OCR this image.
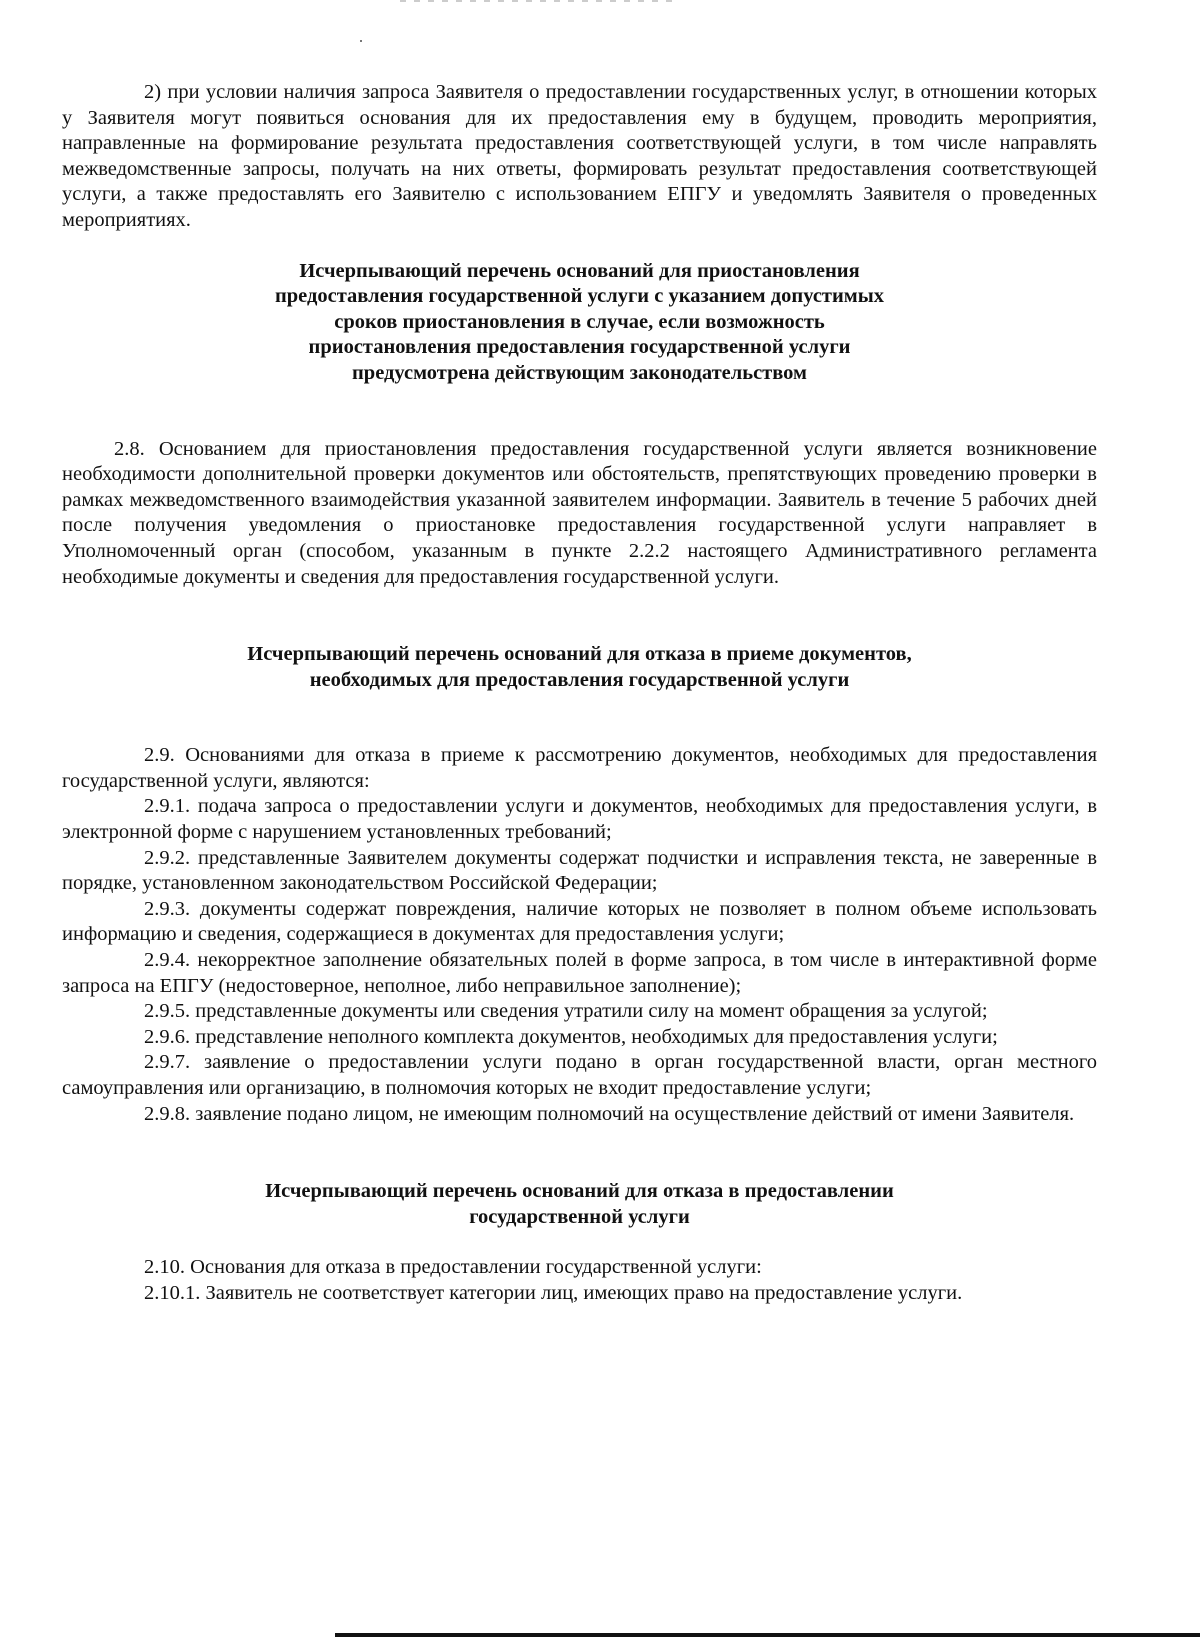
2) при условии наличия запроса Заявителя о предоставлении государственных услуг, в отношении которых у Заявителя могут появиться основания для их предоставления ему в будущем, проводить мероприятия, направленные на формирование результата предоставления соответствующей услуги, в том числе направлять межведомственные запросы, получать на них ответы, формировать результат предоставления соответствующей услуги, а также предоставлять его Заявителю с использованием ЕПГУ и уведомлять Заявителя о проведенных мероприятиях.

Исчерпывающий перечень оснований для приостановления
предоставления государственной услуги с указанием допустимых
сроков приостановления в случае, если возможность
приостановления предоставления государственной услуги
предусмотрена действующим законодательством

2.8. Основанием для приостановления предоставления государственной услуги является возникновение необходимости дополнительной проверки документов или обстоятельств, препятствующих проведению проверки в рамках межведомственного взаимодействия указанной заявителем информации. Заявитель в течение 5 рабочих дней после получения уведомления о приостановке предоставления государственной услуги направляет в Уполномоченный орган (способом, указанным в пункте 2.2.2 настоящего Административного регламента необходимые документы и сведения для предоставления государственной услуги.

Исчерпывающий перечень оснований для отказа в приеме документов,
необходимых для предоставления государственной услуги

2.9. Основаниями для отказа в приеме к рассмотрению документов, необходимых для предоставления государственной услуги, являются:

2.9.1. подача запроса о предоставлении услуги и документов, необходимых для предоставления услуги, в электронной форме с нарушением установленных требований;

2.9.2. представленные Заявителем документы содержат подчистки и исправления текста, не заверенные в порядке, установленном законодательством Российской Федерации;

2.9.3. документы содержат повреждения, наличие которых не позволяет в полном объеме использовать информацию и сведения, содержащиеся в документах для предоставления услуги;

2.9.4. некорректное заполнение обязательных полей в форме запроса, в том числе в интерактивной форме запроса на ЕПГУ (недостоверное, неполное, либо неправильное заполнение);

2.9.5. представленные документы или сведения утратили силу на момент обращения за услугой;

2.9.6. представление неполного комплекта документов, необходимых для предоставления услуги;

2.9.7. заявление о предоставлении услуги подано в орган государственной власти, орган местного самоуправления или организацию, в полномочия которых не входит предоставление услуги;

2.9.8. заявление подано лицом, не имеющим полномочий на осуществление действий от имени Заявителя.

Исчерпывающий перечень оснований для отказа в предоставлении
государственной услуги

2.10. Основания для отказа в предоставлении государственной услуги:

2.10.1. Заявитель не соответствует категории лиц, имеющих право на предоставление услуги.
